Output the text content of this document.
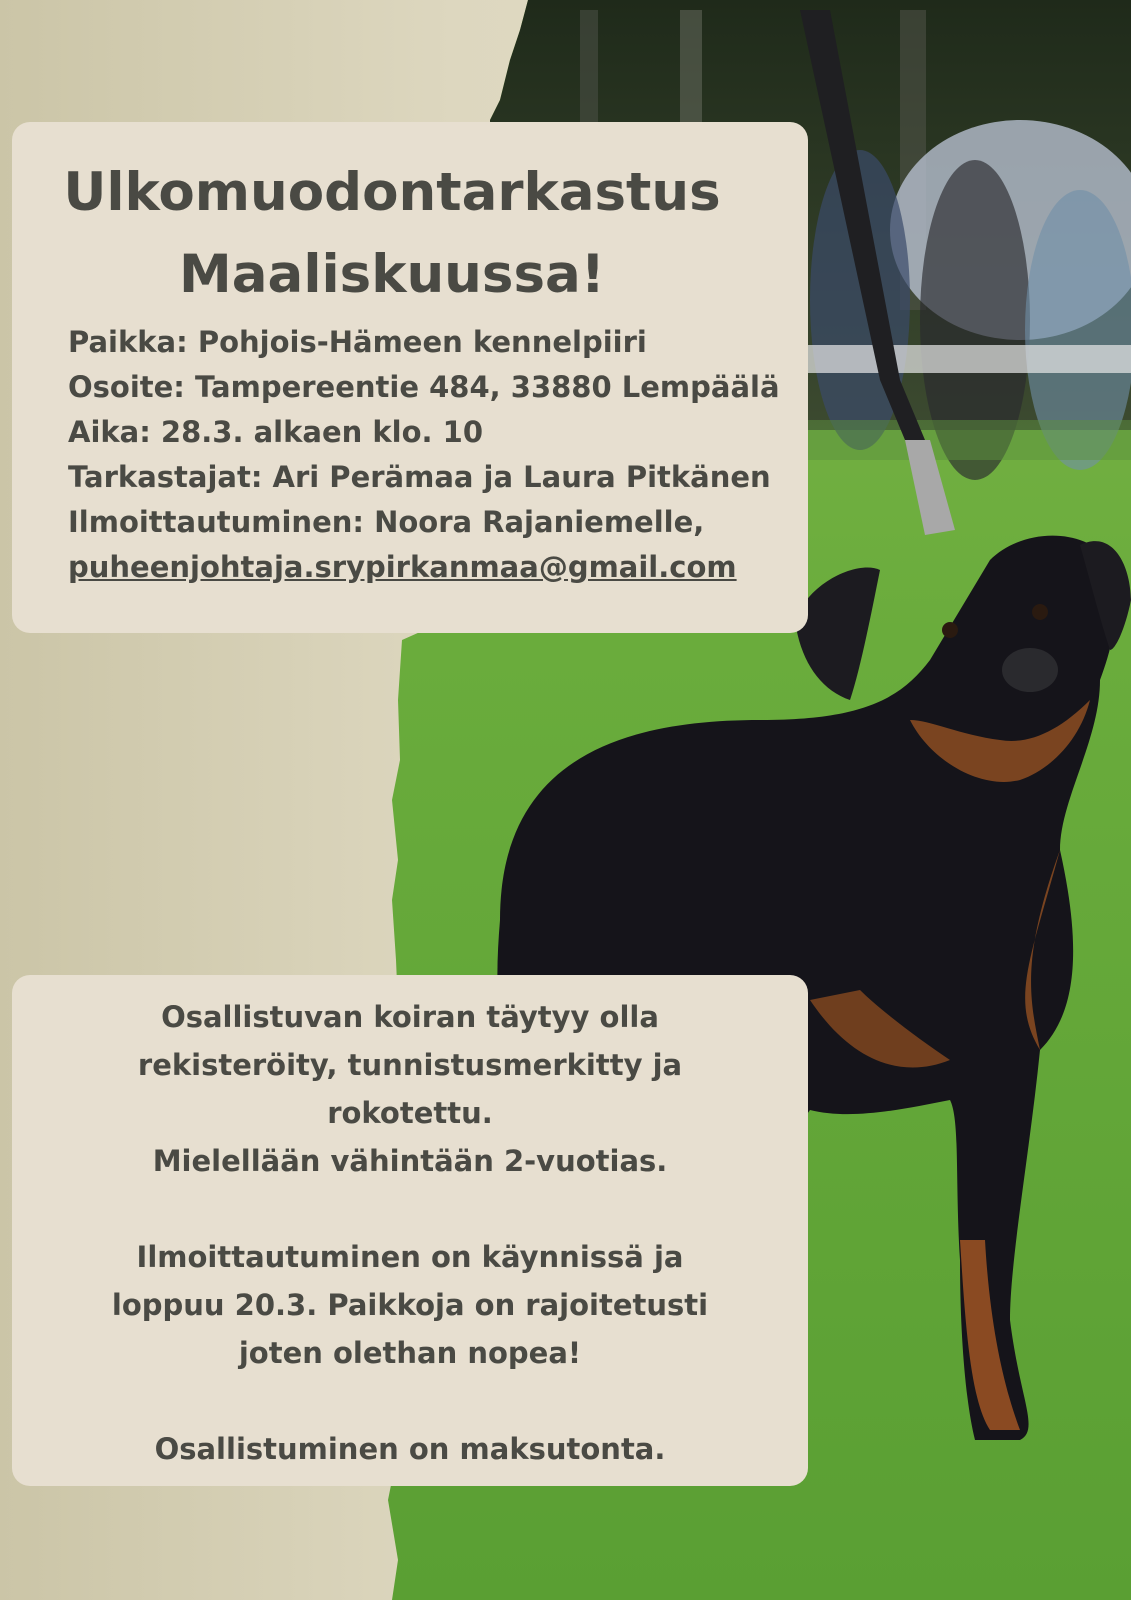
Ulkomuodontarkastus
Maaliskuussa!
Paikka: Pohjois-Hämeen kennelpiiri
Osoite: Tampereentie 484, 33880 Lempäälä
Aika: 28.3. alkaen klo. 10
Tarkastajat: Ari Perämaa ja Laura Pitkänen
Ilmoittautuminen: Noora Rajaniemelle,
puheenjohtaja.srypirkanmaa@gmail.com
Osallistuvan koiran täytyy olla
rekisteröity, tunnistusmerkitty ja
rokotettu.
Mielellään vähintään 2-vuotias.
Ilmoittautuminen on käynnissä ja
loppuu 20.3. Paikkoja on rajoitetusti
joten olethan nopea!
Osallistuminen on maksutonta.
